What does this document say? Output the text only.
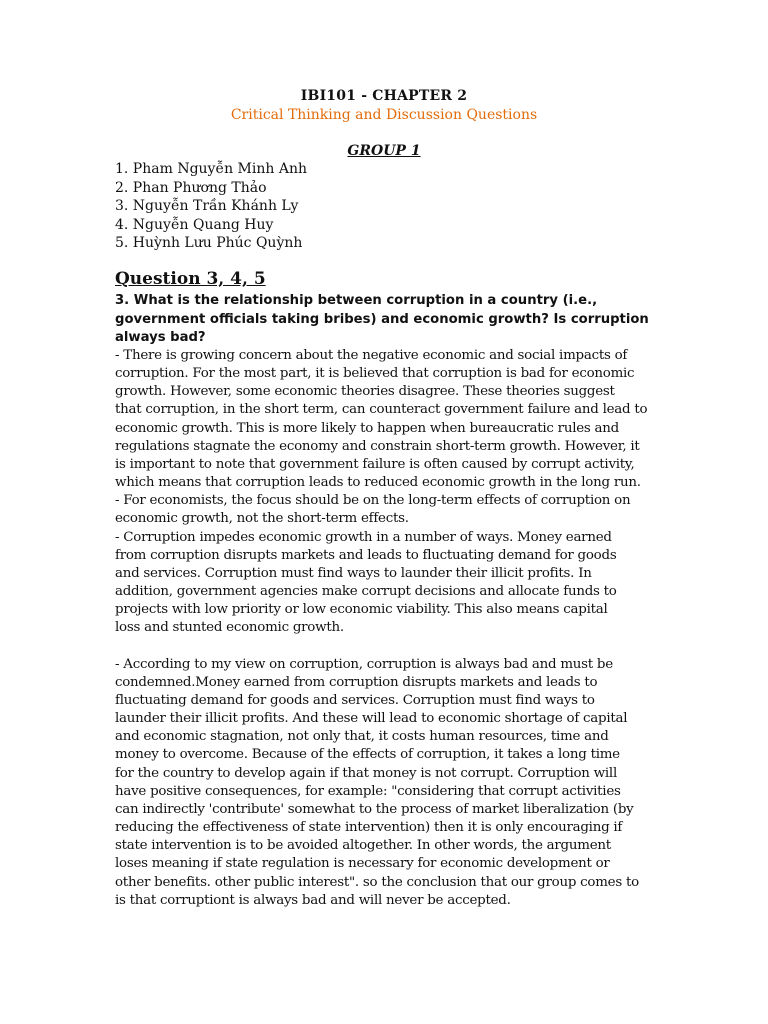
IBI101 - CHAPTER 2
Critical Thinking and Discussion Questions
GROUP 1
1. Pham Nguyễn Minh Anh
2. Phan Phương Thảo
3. Nguyễn Trần Khánh Ly
4. Nguyễn Quang Huy
5. Huỳnh Lưu Phúc Quỳnh
Question 3, 4, 5
3. What is the relationship between corruption in a country (i.e.,
government officials taking bribes) and economic growth? Is corruption
always bad?
- There is growing concern about the negative economic and social impacts of
corruption. For the most part, it is believed that corruption is bad for economic
growth. However, some economic theories disagree. These theories suggest
that corruption, in the short term, can counteract government failure and lead to
economic growth. This is more likely to happen when bureaucratic rules and
regulations stagnate the economy and constrain short-term growth. However, it
is important to note that government failure is often caused by corrupt activity,
which means that corruption leads to reduced economic growth in the long run.
- For economists, the focus should be on the long-term effects of corruption on
economic growth, not the short-term effects.
- Corruption impedes economic growth in a number of ways. Money earned
from corruption disrupts markets and leads to fluctuating demand for goods
and services. Corruption must find ways to launder their illicit profits. In
addition, government agencies make corrupt decisions and allocate funds to
projects with low priority or low economic viability. This also means capital
loss and stunted economic growth.
- According to my view on corruption, corruption is always bad and must be
condemned.Money earned from corruption disrupts markets and leads to
fluctuating demand for goods and services. Corruption must find ways to
launder their illicit profits. And these will lead to economic shortage of capital
and economic stagnation, not only that, it costs human resources, time and
money to overcome. Because of the effects of corruption, it takes a long time
for the country to develop again if that money is not corrupt. Corruption will
have positive consequences, for example: "considering that corrupt activities
can indirectly 'contribute' somewhat to the process of market liberalization (by
reducing the effectiveness of state intervention) then it is only encouraging if
state intervention is to be avoided altogether. In other words, the argument
loses meaning if state regulation is necessary for economic development or
other benefits. other public interest". so the conclusion that our group comes to
is that corruptiont is always bad and will never be accepted.
